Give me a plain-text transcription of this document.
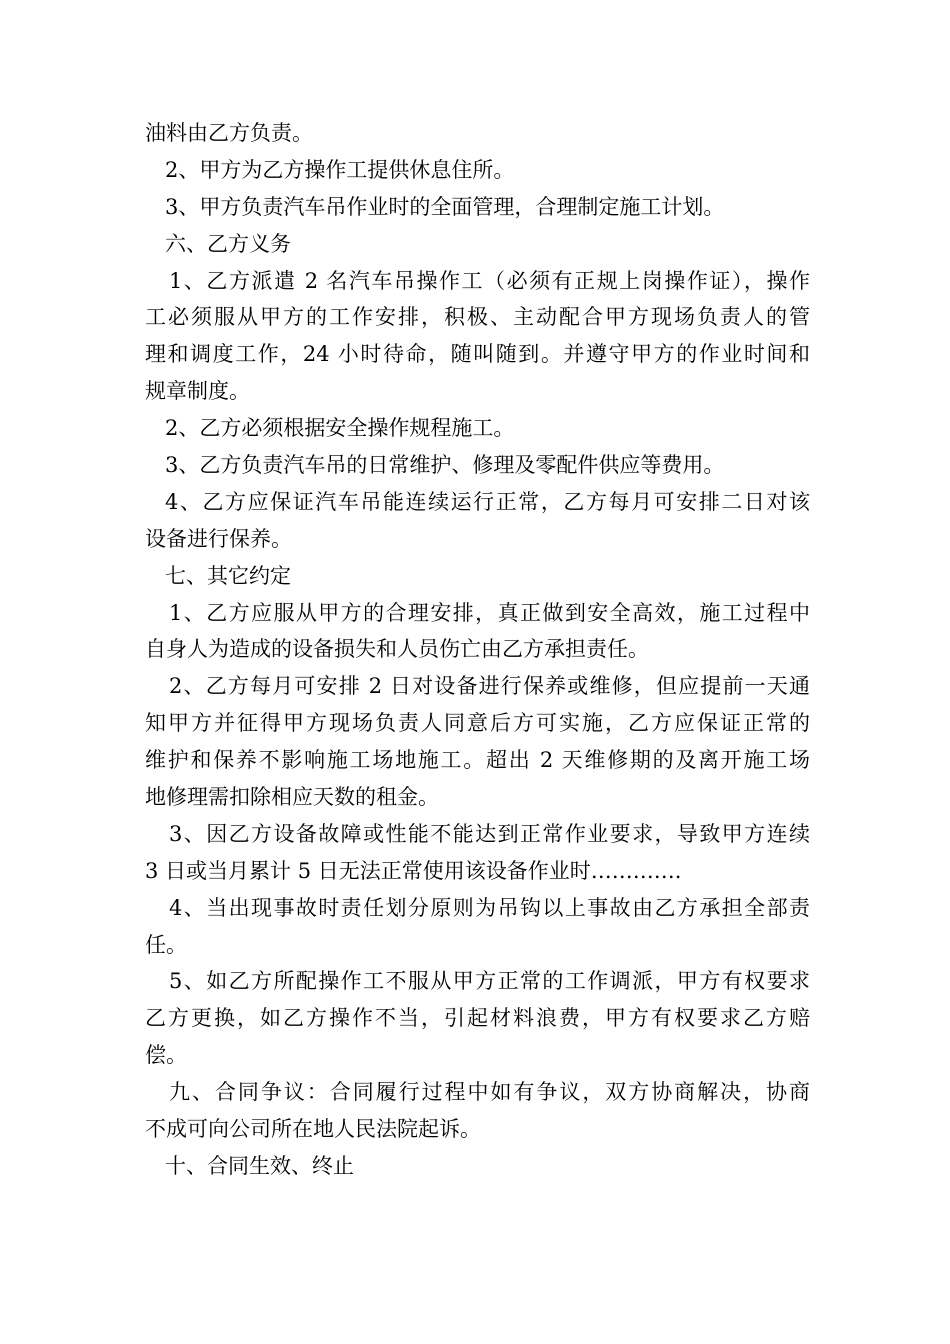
油料由乙方负责。
2、甲方为乙方操作工提供休息住所。
3、甲方负责汽车吊作业时的全面管理，合理制定施工计划。
六、乙方义务
1、乙方派遣 2 名汽车吊操作工（必须有正规上岗操作证），操作
工必须服从甲方的工作安排，积极、主动配合甲方现场负责人的管
理和调度工作，24 小时待命，随叫随到。并遵守甲方的作业时间和
规章制度。
2、乙方必须根据安全操作规程施工。
3、乙方负责汽车吊的日常维护、修理及零配件供应等费用。
4、乙方应保证汽车吊能连续运行正常，乙方每月可安排二日对该
设备进行保养。
七、其它约定
1、乙方应服从甲方的合理安排，真正做到安全高效，施工过程中
自身人为造成的设备损失和人员伤亡由乙方承担责任。
2、乙方每月可安排 2 日对设备进行保养或维修，但应提前一天通
知甲方并征得甲方现场负责人同意后方可实施，乙方应保证正常的
维护和保养不影响施工场地施工。超出 2 天维修期的及离开施工场
地修理需扣除相应天数的租金。
3、因乙方设备故障或性能不能达到正常作业要求，导致甲方连续
3 日或当月累计 5 日无法正常使用该设备作业时………….
4、当出现事故时责任划分原则为吊钩以上事故由乙方承担全部责
任。
5、如乙方所配操作工不服从甲方正常的工作调派，甲方有权要求
乙方更换，如乙方操作不当，引起材料浪费，甲方有权要求乙方赔
偿。
九、合同争议：合同履行过程中如有争议，双方协商解决，协商
不成可向公司所在地人民法院起诉。
十、合同生效、终止
